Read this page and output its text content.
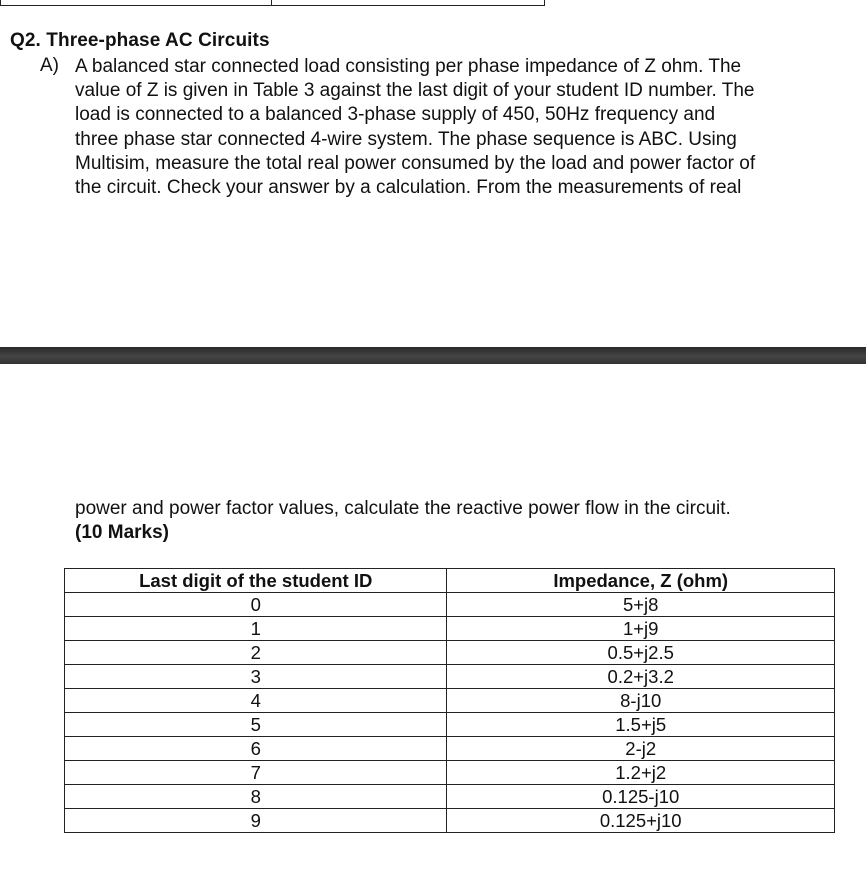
Q2. Three-phase AC Circuits
A) A balanced star connected load consisting per phase impedance of Z ohm. The
value of Z is given in Table 3 against the last digit of your student ID number. The
load is connected to a balanced 3-phase supply of 450, 50Hz frequency and
three phase star connected 4-wire system. The phase sequence is ABC. Using
Multisim, measure the total real power consumed by the load and power factor of
the circuit. Check your answer by a calculation. From the measurements of real
power and power factor values, calculate the reactive power flow in the circuit.
(10 Marks)
Last digit of the student ID	Impedance, Z (ohm)
0	5+j8
1	1+j9
2	0.5+j2.5
3	0.2+j3.2
4	8-j10
5	1.5+j5
6	2-j2
7	1.2+j2
8	0.125-j10
9	0.125+j10
